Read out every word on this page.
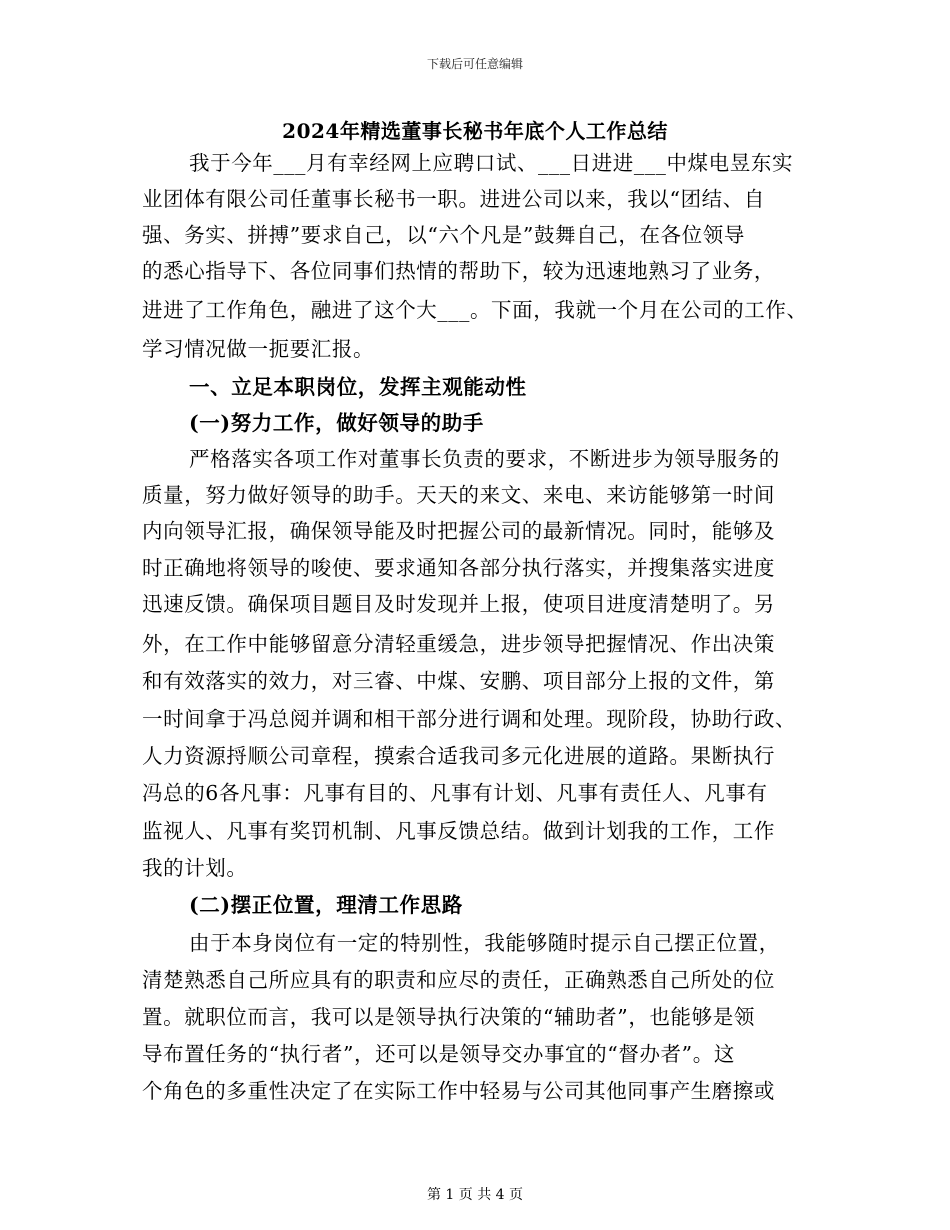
下载后可任意编辑
2024年精选董事长秘书年底个人工作总结
我于今年___月有幸经网上应聘口试、___日进进___中煤电昱东实
业团体有限公司任董事长秘书一职。进进公司以来，我以“团结、自
强、务实、拼搏”要求自己，以“六个凡是”鼓舞自己，在各位领导
的悉心指导下、各位同事们热情的帮助下，较为迅速地熟习了业务，
进进了工作角色，融进了这个大___。下面，我就一个月在公司的工作、
学习情况做一扼要汇报。
一、立足本职岗位，发挥主观能动性
(一)努力工作，做好领导的助手
严格落实各项工作对董事长负责的要求，不断进步为领导服务的
质量，努力做好领导的助手。天天的来文、来电、来访能够第一时间
内向领导汇报，确保领导能及时把握公司的最新情况。同时，能够及
时正确地将领导的唆使、要求通知各部分执行落实，并搜集落实进度
迅速反馈。确保项目题目及时发现并上报，使项目进度清楚明了。另
外，在工作中能够留意分清轻重缓急，进步领导把握情况、作出决策
和有效落实的效力，对三睿、中煤、安鹏、项目部分上报的文件，第
一时间拿于冯总阅并调和相干部分进行调和处理。现阶段，协助行政、
人力资源捋顺公司章程，摸索合适我司多元化进展的道路。果断执行
冯总的6各凡事：凡事有目的、凡事有计划、凡事有责任人、凡事有
监视人、凡事有奖罚机制、凡事反馈总结。做到计划我的工作，工作
我的计划。
(二)摆正位置，理清工作思路
由于本身岗位有一定的特别性，我能够随时提示自己摆正位置，
清楚熟悉自己所应具有的职责和应尽的责任，正确熟悉自己所处的位
置。就职位而言，我可以是领导执行决策的“辅助者”，也能够是领
导布置任务的“执行者”，还可以是领导交办事宜的“督办者”。这
个角色的多重性决定了在实际工作中轻易与公司其他同事产生磨擦或
第 1 页 共 4 页
